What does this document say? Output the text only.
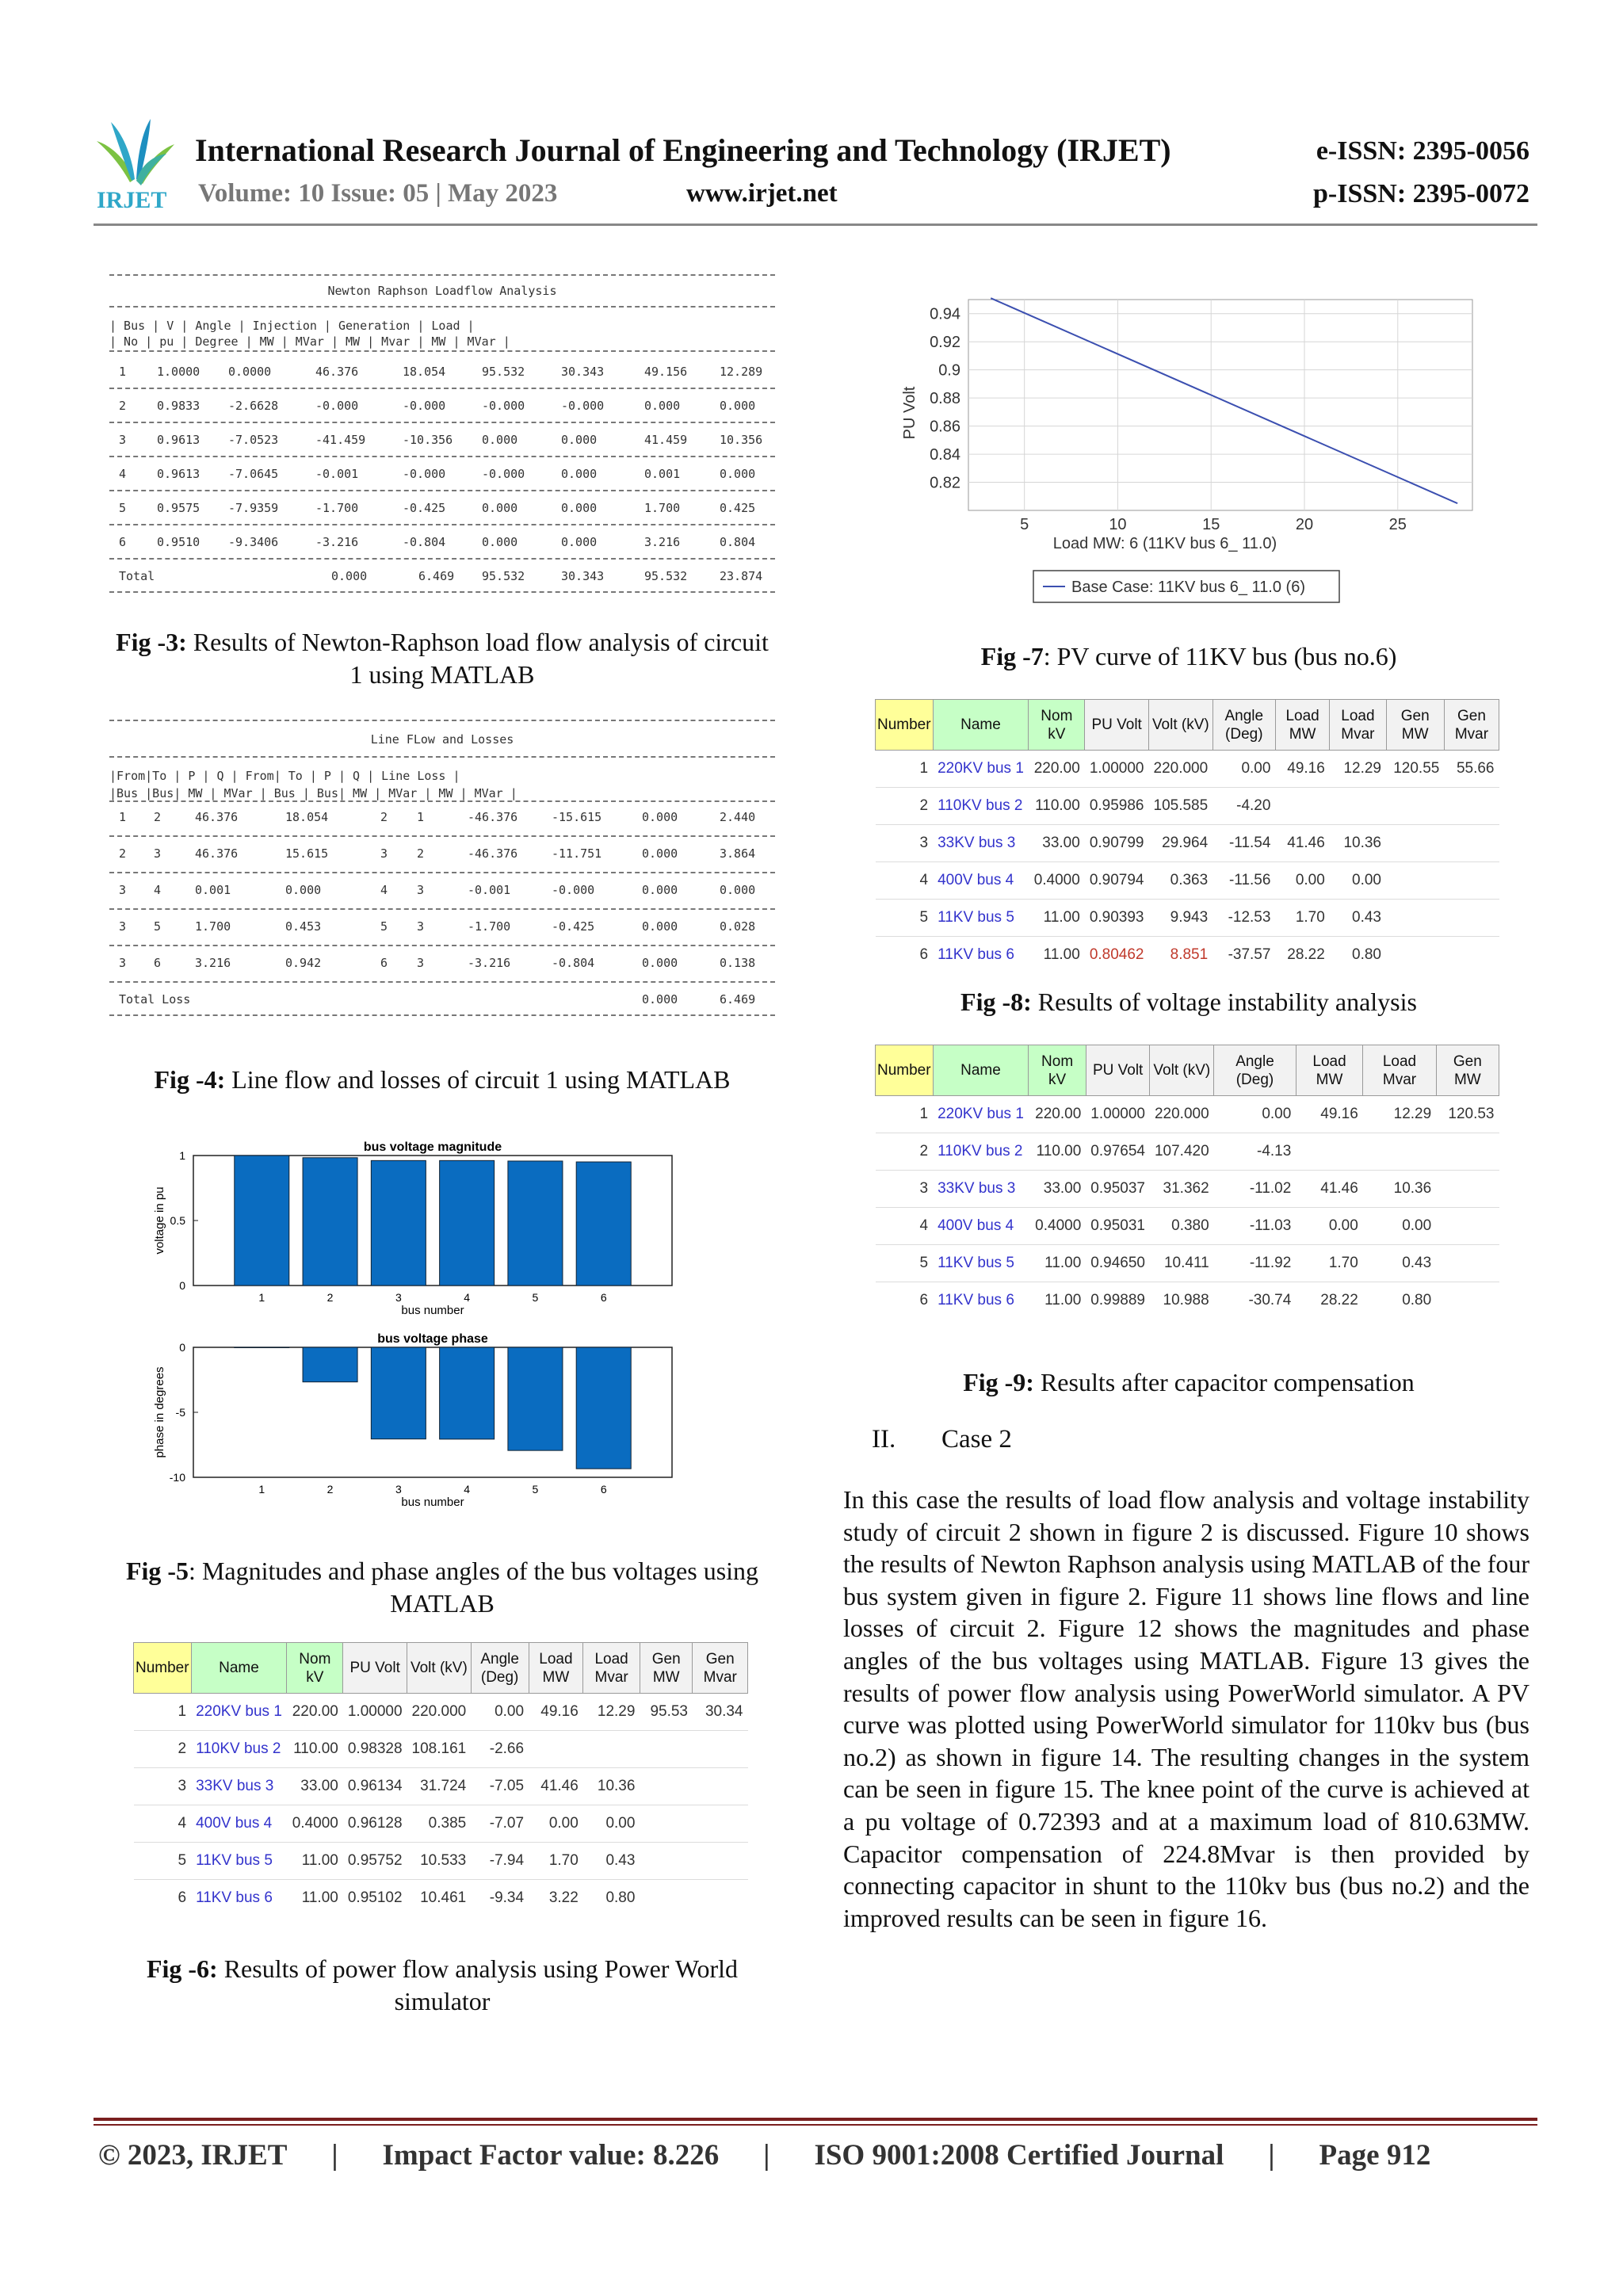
IRJET
International Research Journal of Engineering and Technology (IRJET)	e-ISSN: 2395-0056
Volume: 10 Issue: 05 | May 2023	www.irjet.net	p-ISSN: 2395-0072
Newton Raphson Loadflow Analysis
| Bus | V | Angle | Injection | Generation | Load |
| No | pu | Degree | MW | MVar | MW | Mvar | MW | MVar |
1	1.0000 0.0000	46.376	18.054	95.532	30.343	49.156	12.289
2	0.9833 -2.6628	-0.000	-0.000	-0.000	-0.000	0.000	0.000
3	0.9613 -7.0523	-41.459	-10.356 0.000	0.000	41.459	10.356
4	0.9613 -7.0645	-0.001	-0.000	-0.000	0.000	0.001	0.000
5	0.9575 -7.9359	-1.700	-0.425	0.000	0.000	1.700	0.425
6	0.9510 -9.3406	-3.216	-0.804	0.000	0.000	3.216	0.804
Total	0.000	6.469 95.532	30.343	95.532	23.874
Fig -3: Results of Newton-Raphson load flow analysis of circuit 1 using MATLAB
Line FLow and Losses
|From|To | P | Q | From| To | P | Q | Line Loss |
|Bus |Bus| MW | MVar | Bus | Bus| MW | MVar | MW | MVar |
1 2	46.376	18.054	2 1	-46.376	-15.615	0.000	2.440
2 3	46.376	15.615	3 2	-46.376	-11.751	0.000	3.864
3 4	0.001	0.000	4 3	-0.001	-0.000	0.000	0.000
3 5	1.700	0.453	5 3	-1.700	-0.425	0.000	0.028
3 6	3.216	0.942	6 3	-3.216	-0.804	0.000	0.138
Total Loss	0.000	6.469
Fig -4: Line flow and losses of circuit 1 using MATLAB
bus voltage magnitude
0
0.5
1
1	2	3	4	5	6
bus number
voltage in pu
bus voltage phase
0
-5
-10
1	2	3	4	5	6
bus number
phase in degrees
Fig -5: Magnitudes and phase angles of the bus voltages using MATLAB
Number	Name	Nom kV	PU Volt	Volt (kV)	Angle (Deg)	Load MW	Load Mvar	Gen MW	Gen Mvar
1	220KV bus 1	220.00	1.00000	220.000	0.00	49.16	12.29	95.53	30.34
2	110KV bus 2	110.00	0.98328	108.161	-2.66				
3	33KV bus 3	33.00	0.96134	31.724	-7.05	41.46	10.36		
4	400V bus 4	0.4000	0.96128	0.385	-7.07	0.00	0.00		
5	11KV bus 5	11.00	0.95752	10.533	-7.94	1.70	0.43		
6	11KV bus 6	11.00	0.95102	10.461	-9.34	3.22	0.80		
Fig -6: Results of power flow analysis using Power World simulator
5	10	15	20	25
0.82
0.84
0.86
0.88
0.9
0.92
0.94
Load MW: 6 (11KV bus 6_ 11.0)
PU Volt
Base Case: 11KV bus 6_ 11.0 (6)
Fig -7: PV curve of 11KV bus (bus no.6)
Number	Name	Nom kV	PU Volt	Volt (kV)	Angle (Deg)	Load MW	Load Mvar	Gen MW	Gen Mvar
1	220KV bus 1	220.00	1.00000	220.000	0.00	49.16	12.29	120.55	55.66
2	110KV bus 2	110.00	0.95986	105.585	-4.20				
3	33KV bus 3	33.00	0.90799	29.964	-11.54	41.46	10.36		
4	400V bus 4	0.4000	0.90794	0.363	-11.56	0.00	0.00		
5	11KV bus 5	11.00	0.90393	9.943	-12.53	1.70	0.43		
6	11KV bus 6	11.00	0.80462	8.851	-37.57	28.22	0.80		
Fig -8: Results of voltage instability analysis
Number	Name	Nom kV	PU Volt	Volt (kV)	Angle (Deg)	Load MW	Load Mvar	Gen MW
1	220KV bus 1	220.00	1.00000	220.000	0.00	49.16	12.29	120.53
2	110KV bus 2	110.00	0.97654	107.420	-4.13			
3	33KV bus 3	33.00	0.95037	31.362	-11.02	41.46	10.36	
4	400V bus 4	0.4000	0.95031	0.380	-11.03	0.00	0.00	
5	11KV bus 5	11.00	0.94650	10.411	-11.92	1.70	0.43	
6	11KV bus 6	11.00	0.99889	10.988	-30.74	28.22	0.80	
Fig -9: Results after capacitor compensation
II. Case 2
In this case the results of load flow analysis and voltage instability study of circuit 2 shown in figure 2 is discussed. Figure 10 shows the results of Newton Raphson analysis using MATLAB of the four bus system given in figure 2. Figure 11 shows line flows and line losses of circuit 2. Figure 12 shows the magnitudes and phase angles of the bus voltages using MATLAB. Figure 13 gives the results of power flow analysis using PowerWorld simulator. A PV curve was plotted using PowerWorld simulator for 110kv bus (bus no.2) as shown in figure 14. The resulting changes in the system can be seen in figure 15. The knee point of the curve is achieved at a pu voltage of 0.72393 and at a maximum load of 810.63MW. Capacitor compensation of 224.8Mvar is then provided by connecting capacitor in shunt to the 110kv bus (bus no.2) and the improved results can be seen in figure 16.
© 2023, IRJET | Impact Factor value: 8.226 | ISO 9001:2008 Certified Journal | Page 912
